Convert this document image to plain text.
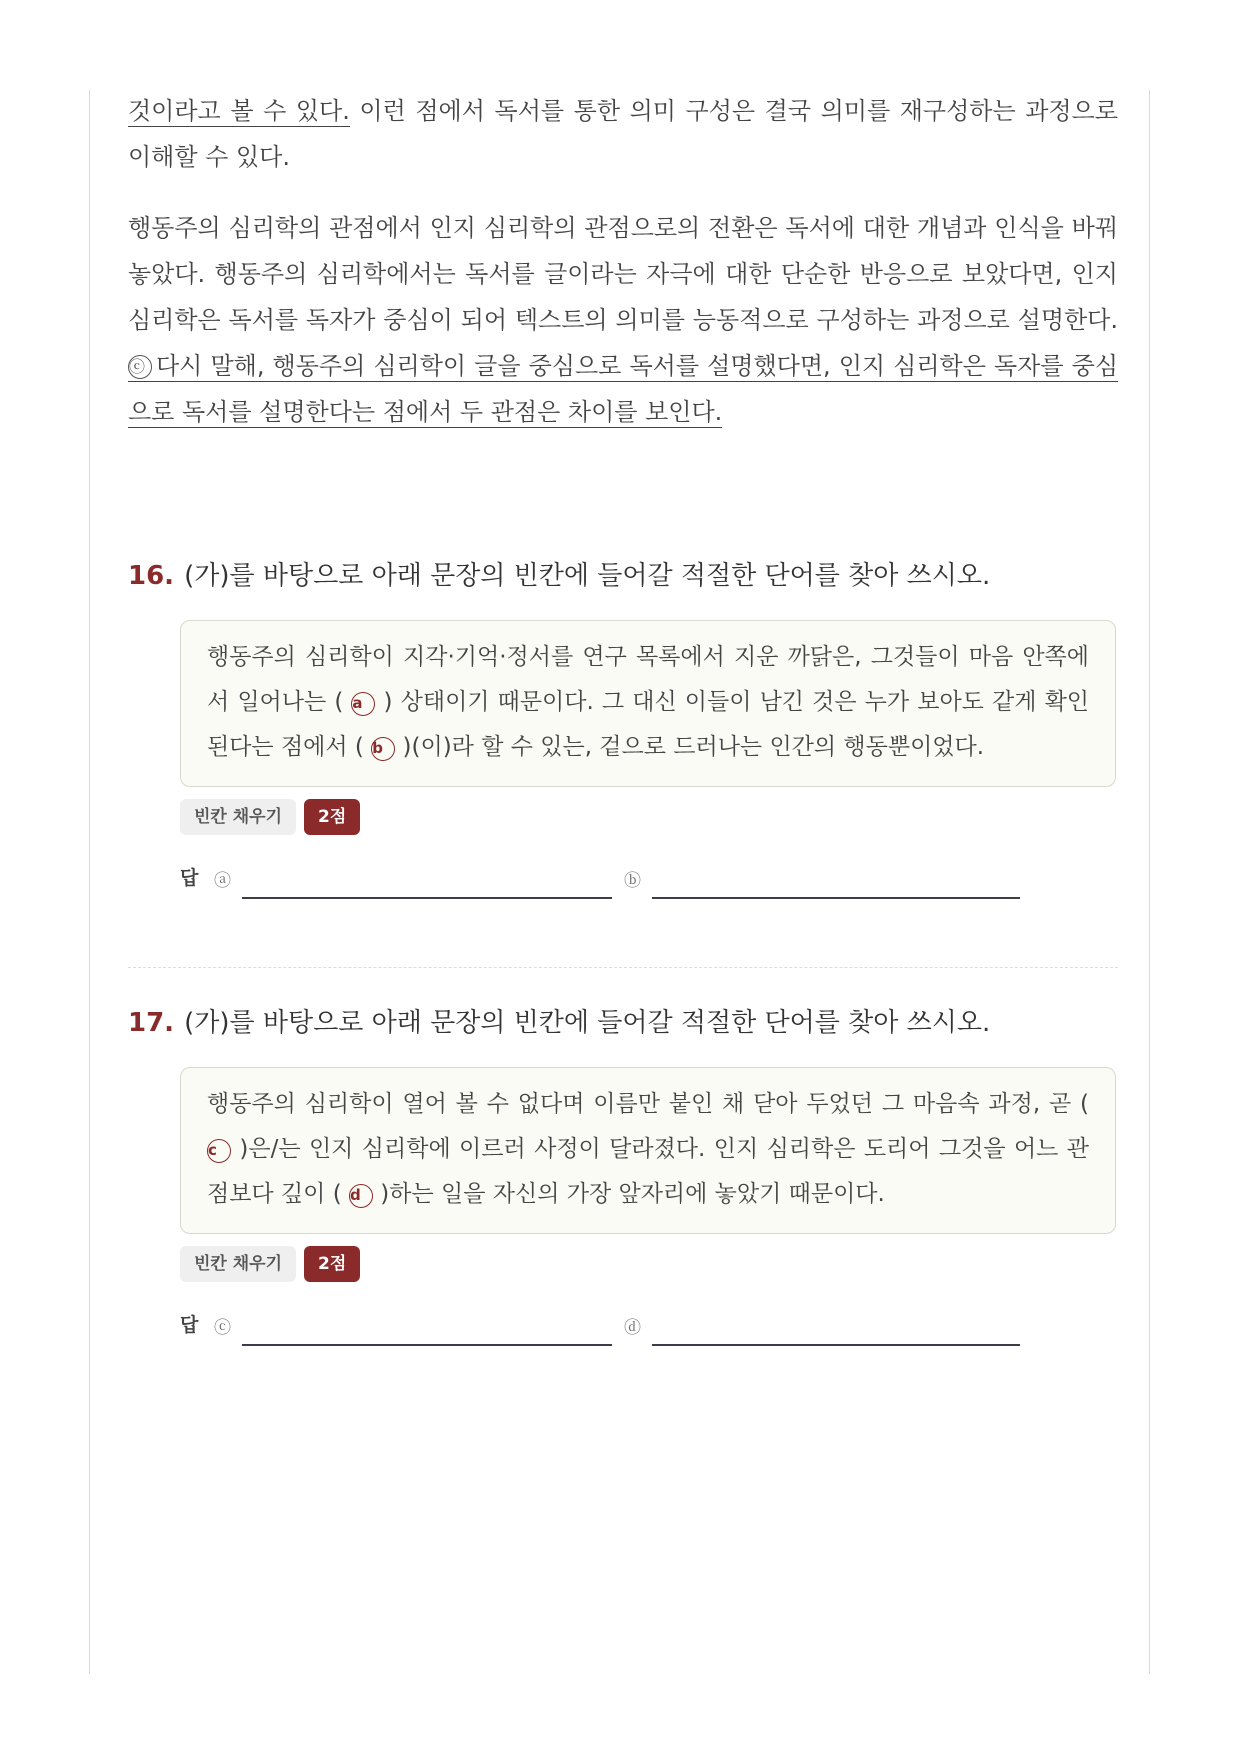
것이라고 볼 수 있다. 이런 점에서 독서를 통한 의미 구성은 결국 의미를 재구성하는 과정으로 이해할 수 있다.

행동주의 심리학의 관점에서 인지 심리학의 관점으로의 전환은 독서에 대한 개념과 인식을 바꿔 놓았다. 행동주의 심리학에서는 독서를 글이라는 자극에 대한 단순한 반응으로 보았다면, 인지 심리학은 독서를 독자가 중심이 되어 텍스트의 의미를 능동적으로 구성하는 과정으로 설명한다. ⓒ 다시 말해, 행동주의 심리학이 글을 중심으로 독서를 설명했다면, 인지 심리학은 독자를 중심으로 독서를 설명한다는 점에서 두 관점은 차이를 보인다.

16. (가)를 바탕으로 아래 문장의 빈칸에 들어갈 적절한 단어를 찾아 쓰시오.
행동주의 심리학이 지각·기억·정서를 연구 목록에서 지운 까닭은, 그것들이 마음 안쪽에서 일어나는 ( a ) 상태이기 때문이다. 그 대신 이들이 남긴 것은 누가 보아도 같게 확인된다는 점에서 ( b )(이)라 할 수 있는, 겉으로 드러나는 인간의 행동뿐이었다.
빈칸 채우기 2점
답 ⓐ	ⓑ
17. (가)를 바탕으로 아래 문장의 빈칸에 들어갈 적절한 단어를 찾아 쓰시오.
행동주의 심리학이 열어 볼 수 없다며 이름만 붙인 채 닫아 두었던 그 마음속 과정, 곧 ( c )은/는 인지 심리학에 이르러 사정이 달라졌다. 인지 심리학은 도리어 그것을 어느 관점보다 깊이 ( d )하는 일을 자신의 가장 앞자리에 놓았기 때문이다.
빈칸 채우기 2점
답 ⓒ	ⓓ
